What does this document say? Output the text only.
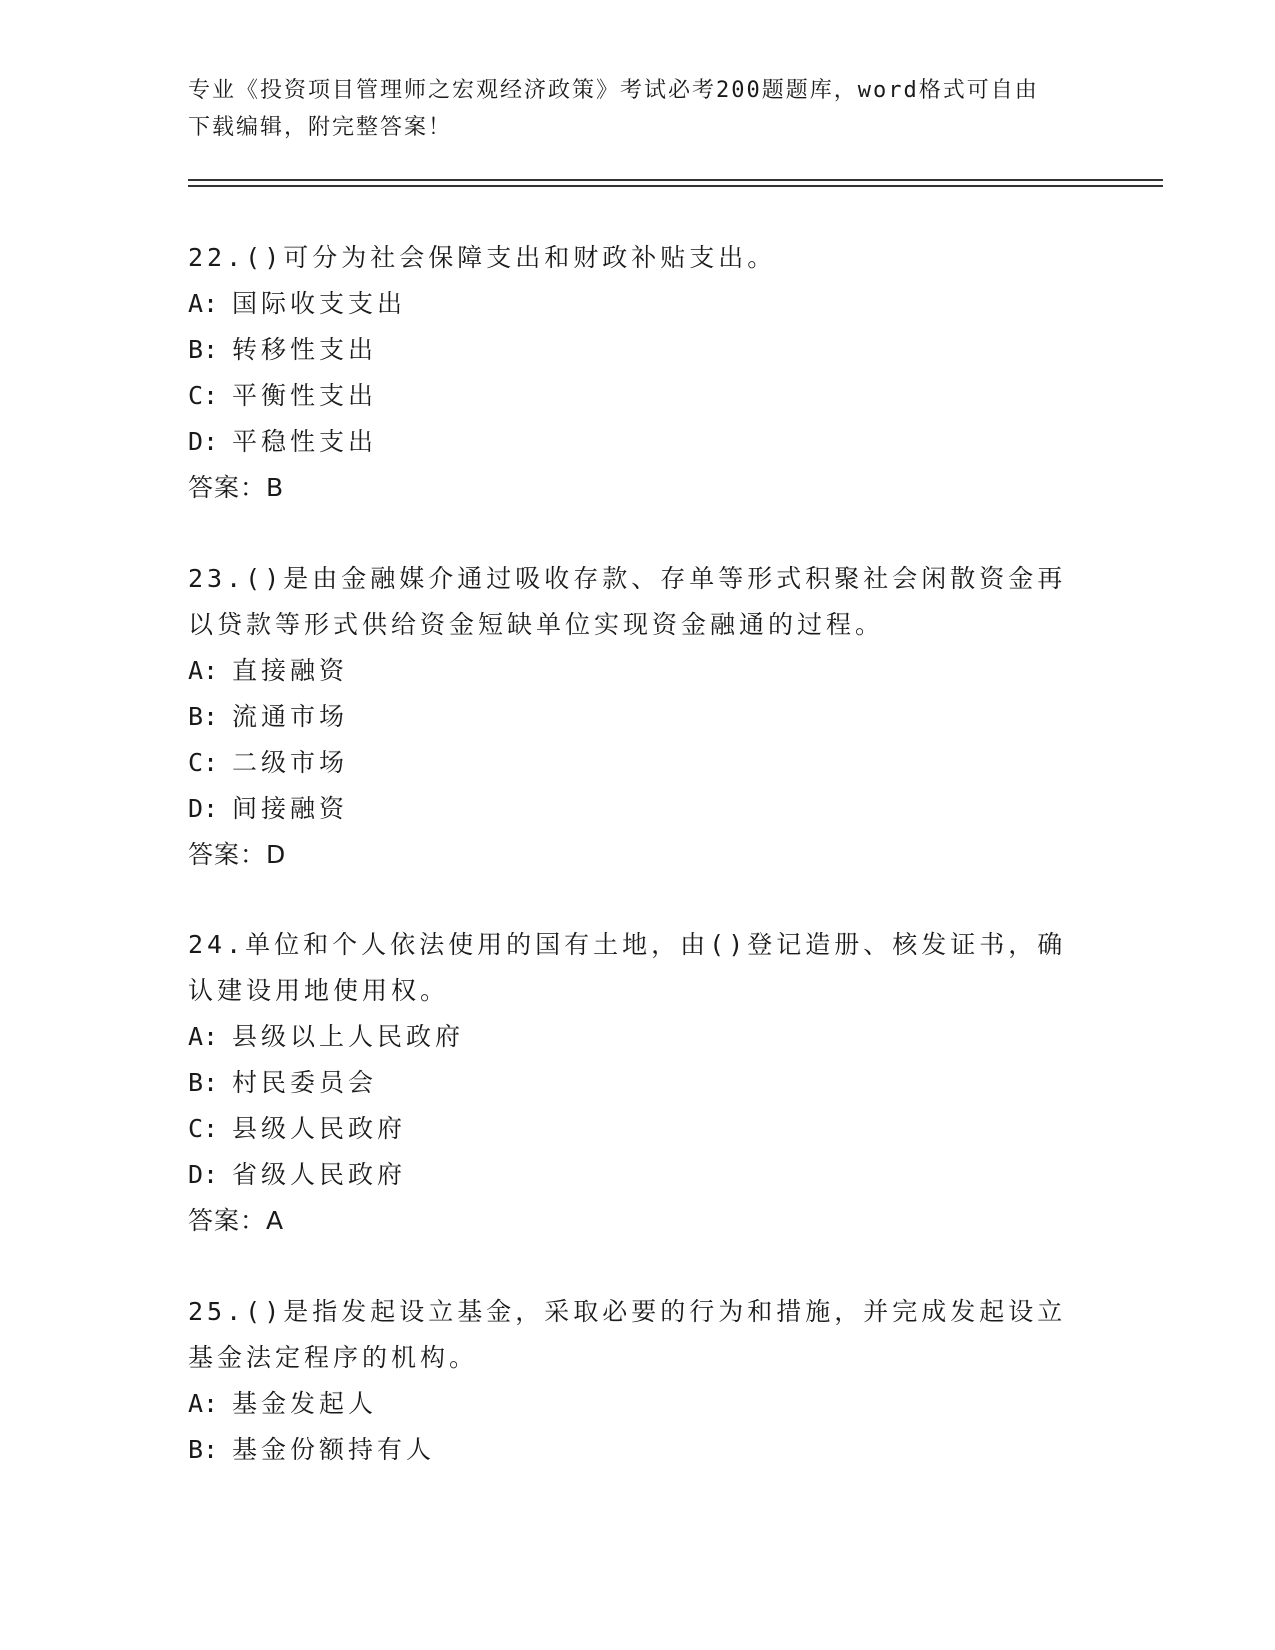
专业《投资项目管理师之宏观经济政策》考试必考200题题库，word格式可自由
下载编辑，附完整答案！

22.()可分为社会保障支出和财政补贴支出。

A: 国际收支支出

B: 转移性支出

C: 平衡性支出

D: 平稳性支出

答案：B

23.()是由金融媒介通过吸收存款、存单等形式积聚社会闲散资金再以贷款等形式供给资金短缺单位实现资金融通的过程。

A: 直接融资

B: 流通市场

C: 二级市场

D: 间接融资

答案：D

24.单位和个人依法使用的国有土地，由()登记造册、核发证书，确认建设用地使用权。

A: 县级以上人民政府

B: 村民委员会

C: 县级人民政府

D: 省级人民政府

答案：A

25.()是指发起设立基金，采取必要的行为和措施，并完成发起设立基金法定程序的机构。

A: 基金发起人

B: 基金份额持有人
